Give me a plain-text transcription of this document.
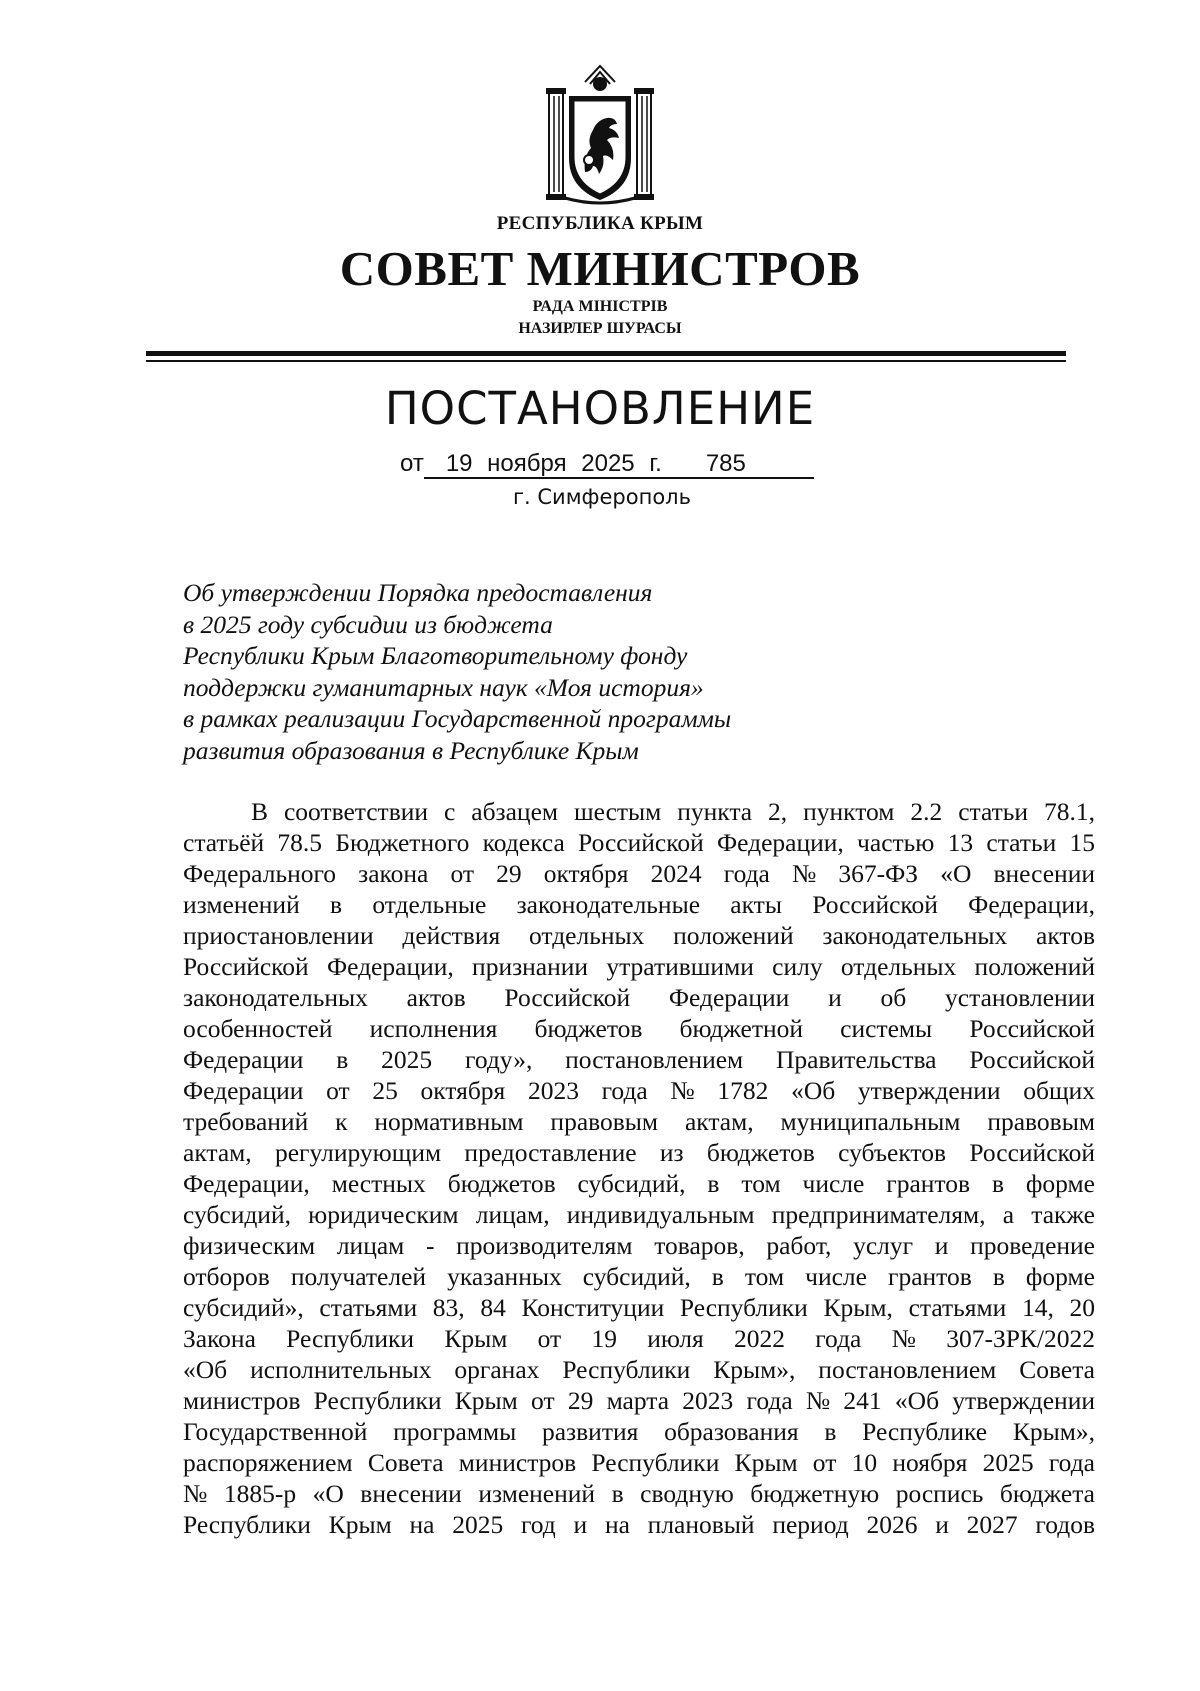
РЕСПУБЛИКА КРЫМ
СОВЕТ МИНИСТРОВ
РАДА МІНІСТРІВ
НАЗИРЛЕР ШУРАСЫ
ПОСТАНОВЛЕНИЕ
от 19 ноября 2025 г. 785
г. Симферополь
Об утверждении Порядка предоставления
в 2025 году субсидии из бюджета
Республики Крым Благотворительному фонду
поддержки гуманитарных наук «Моя история»
в рамках реализации Государственной программы
развития образования в Республике Крым
В соответствии с абзацем шестым пункта 2, пунктом 2.2 статьи 78.1,
статьёй 78.5 Бюджетного кодекса Российской Федерации, частью 13 статьи 15
Федерального закона от 29 октября 2024 года № 367-ФЗ «О внесении
изменений в отдельные законодательные акты Российской Федерации,
приостановлении действия отдельных положений законодательных актов
Российской Федерации, признании утратившими силу отдельных положений
законодательных актов Российской Федерации и об установлении
особенностей исполнения бюджетов бюджетной системы Российской
Федерации в 2025 году», постановлением Правительства Российской
Федерации от 25 октября 2023 года № 1782 «Об утверждении общих
требований к нормативным правовым актам, муниципальным правовым
актам, регулирующим предоставление из бюджетов субъектов Российской
Федерации, местных бюджетов субсидий, в том числе грантов в форме
субсидий, юридическим лицам, индивидуальным предпринимателям, а также
физическим лицам - производителям товаров, работ, услуг и проведение
отборов получателей указанных субсидий, в том числе грантов в форме
субсидий», статьями 83, 84 Конституции Республики Крым, статьями 14, 20
Закона Республики Крым от 19 июля 2022 года № 307-ЗРК/2022
«Об исполнительных органах Республики Крым», постановлением Совета
министров Республики Крым от 29 марта 2023 года № 241 «Об утверждении
Государственной программы развития образования в Республике Крым»,
распоряжением Совета министров Республики Крым от 10 ноября 2025 года
№ 1885-р «О внесении изменений в сводную бюджетную роспись бюджета
Республики Крым на 2025 год и на плановый период 2026 и 2027 годов
